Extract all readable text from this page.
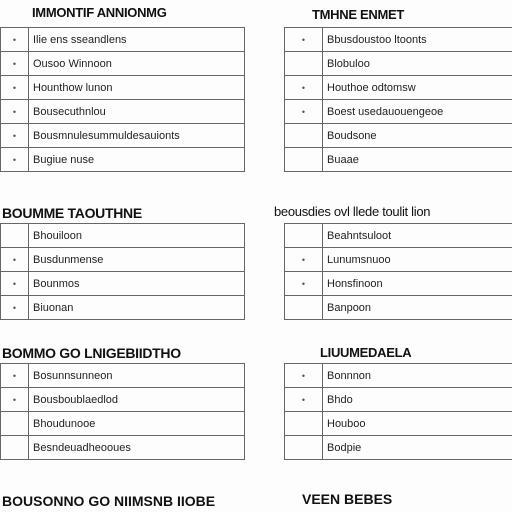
IMMONTIF ANNIONMG
•	Ilie ens sseandlens
•	Ousoo Winnoon
•	Hounthow lunon
•	Bousecuthnlou
•	Bousmnulesummuldesauionts
•	Bugiue nuse
TMHNE ENMET
•	Bbusdoustoo ltoonts
	Blobuloo
•	Houthoe odtomsw
•	Boest usedauouengeoe
	Boudsone
	Buaae
BOUMME TAOUTHNE
	Bhouiloon
•	Busdunmense
•	Bounmos
•	Biuonan
beousdies ovl llede toulit lion
	Beahntsuloot
•	Lunumsnuoo
•	Honsfinoon
	Banpoon
BOMMO GO LNIGEBIIDTHO
•	Bosunnsunneon
•	Bousboublaedlod
	Bhoudunooe
	Besndeuadheooues
LIUUMEDAELA
•	Bonnnon
•	Bhdo
	Houboo
	Bodpie
BOUSONNO GO NIIMSNB IIOBE	VEEN BEBES
